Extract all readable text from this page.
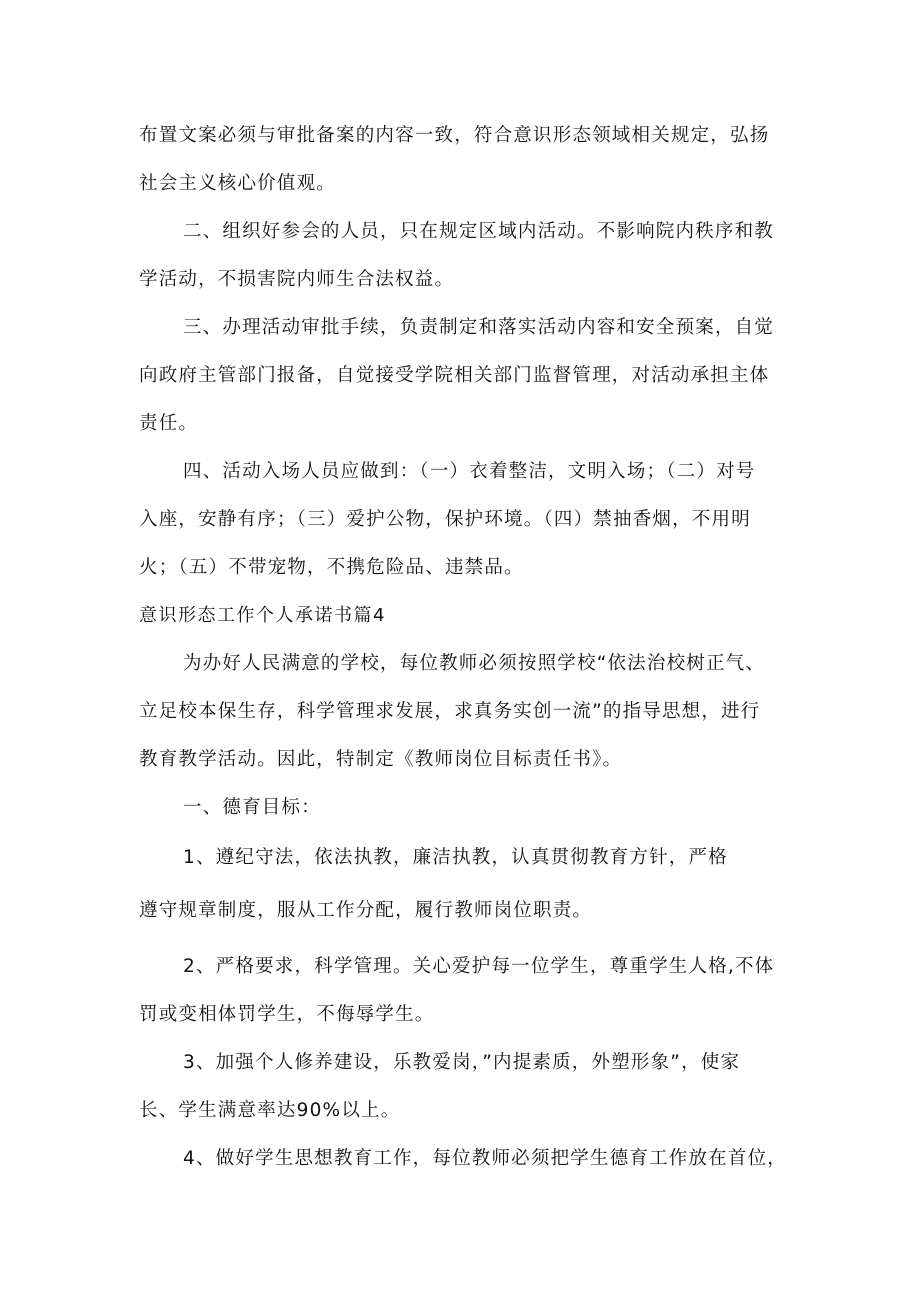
布置文案必须与审批备案的内容一致，符合意识形态领域相关规定，弘扬
社会主义核心价值观。
二、组织好参会的人员，只在规定区域内活动。不影响院内秩序和教
学活动，不损害院内师生合法权益。
三、办理活动审批手续，负责制定和落实活动内容和安全预案，自觉
向政府主管部门报备，自觉接受学院相关部门监督管理，对活动承担主体
责任。
四、活动入场人员应做到：（一）衣着整洁，文明入场；（二）对号
入座，安静有序；（三）爱护公物，保护环境。（四）禁抽香烟，不用明
火；（五）不带宠物，不携危险品、违禁品。
意识形态工作个人承诺书篇4
为办好人民满意的学校，每位教师必须按照学校“依法治校树正气、
立足校本保生存，科学管理求发展，求真务实创一流”的指导思想，进行
教育教学活动。因此，特制定《教师岗位目标责任书》。
一、德育目标：
1、遵纪守法，依法执教，廉洁执教，认真贯彻教育方针，严格
遵守规章制度，服从工作分配，履行教师岗位职责。
2、严格要求，科学管理。关心爱护每一位学生，尊重学生人格,不体
罚或变相体罚学生，不侮辱学生。
3、加强个人修养建设，乐教爱岗，”内提素质，外塑形象”，使家
长、学生满意率达90%以上。
4、做好学生思想教育工作，每位教师必须把学生德育工作放在首位，
